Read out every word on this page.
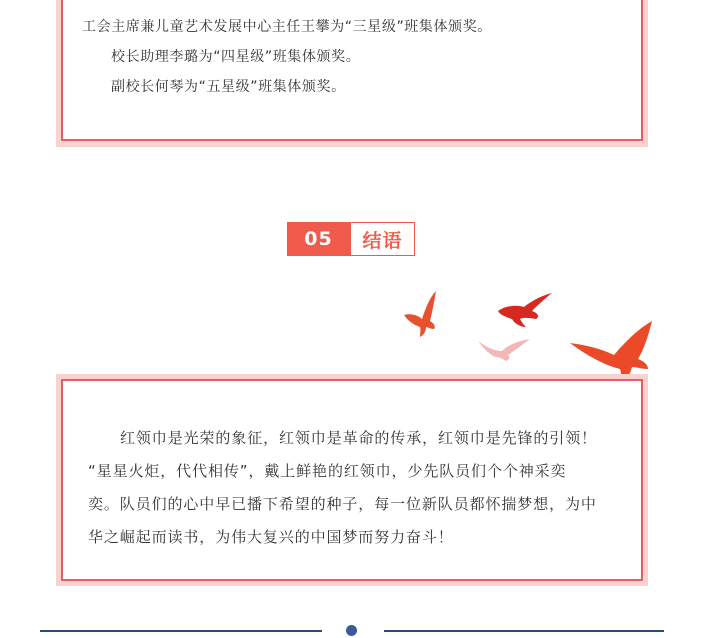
工会主席兼儿童艺术发展中心主任王攀为“三星级”班集体颁奖。
校长助理李璐为“四星级”班集体颁奖。
副校长何琴为“五星级”班集体颁奖。
05	结语
红领巾是光荣的象征，红领巾是革命的传承，红领巾是先锋的引领！
“星星火炬，代代相传”，戴上鲜艳的红领巾，少先队员们个个神采奕
奕。队员们的心中早已播下希望的种子，每一位新队员都怀揣梦想，为中
华之崛起而读书，为伟大复兴的中国梦而努力奋斗！
